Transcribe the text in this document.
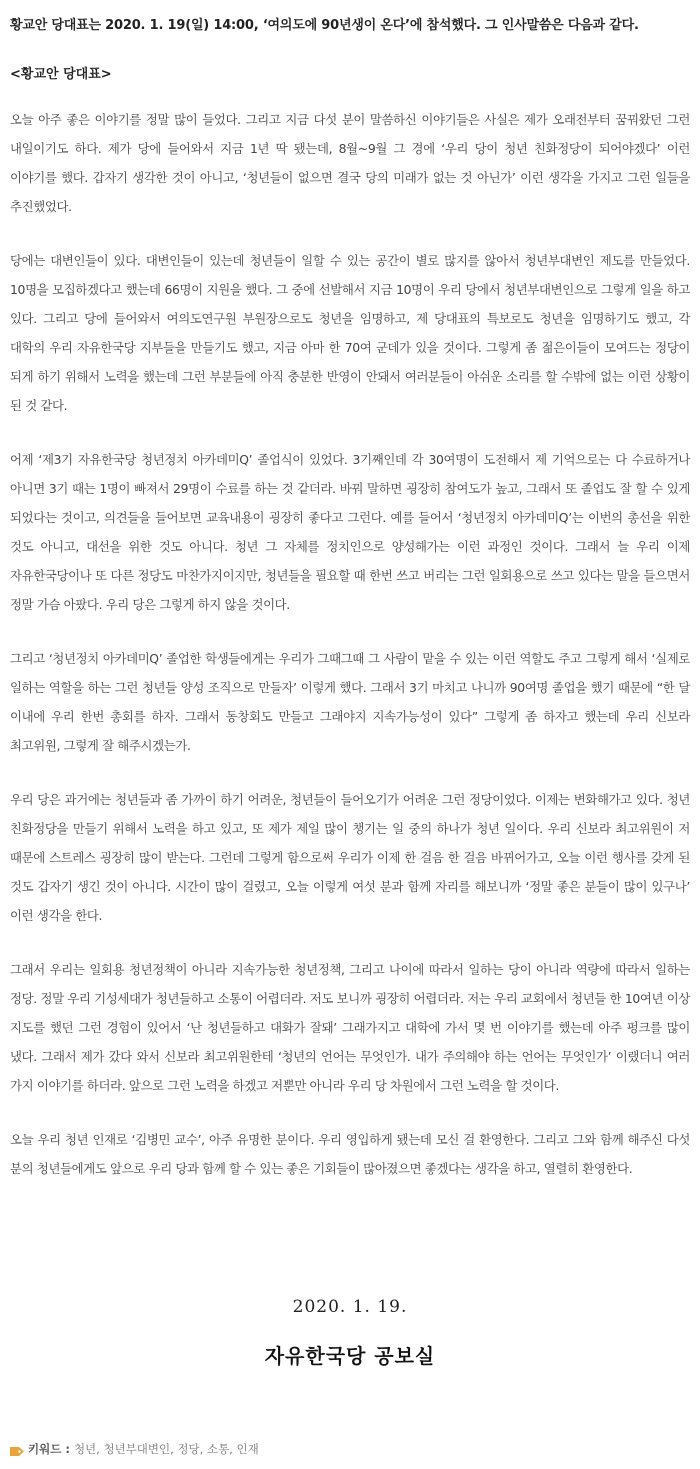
황교안 당대표는 2020. 1. 19(일) 14:00, ‘여의도에 90년생이 온다’에 참석했다. 그 인사말씀은 다음과 같다.

<황교안 당대표>

오늘 아주 좋은 이야기를 정말 많이 들었다. 그리고 지금 다섯 분이 말씀하신 이야기들은 사실은 제가 오래전부터 꿈꿔왔던 그런 내일이기도 하다. 제가 당에 들어와서 지금 1년 딱 됐는데, 8월~9월 그 경에 ‘우리 당이 청년 친화정당이 되어야겠다’ 이런 이야기를 했다. 갑자기 생각한 것이 아니고, ‘청년들이 없으면 결국 당의 미래가 없는 것 아닌가’ 이런 생각을 가지고 그런 일들을 추진했었다.

당에는 대변인들이 있다. 대변인들이 있는데 청년들이 일할 수 있는 공간이 별로 많지를 않아서 청년부대변인 제도를 만들었다. 10명을 모집하겠다고 했는데 66명이 지원을 했다. 그 중에 선발해서 지금 10명이 우리 당에서 청년부대변인으로 그렇게 일을 하고 있다. 그리고 당에 들어와서 여의도연구원 부원장으로도 청년을 임명하고, 제 당대표의 특보로도 청년을 임명하기도 했고, 각 대학의 우리 자유한국당 지부들을 만들기도 했고, 지금 아마 한 70여 군데가 있을 것이다. 그렇게 좀 젊은이들이 모여드는 정당이 되게 하기 위해서 노력을 했는데 그런 부분들에 아직 충분한 반영이 안돼서 여러분들이 아쉬운 소리를 할 수밖에 없는 이런 상황이 된 것 같다.

어제 ‘제3기 자유한국당 청년정치 아카데미Q’ 졸업식이 있었다. 3기째인데 각 30여명이 도전해서 제 기억으로는 다 수료하거나 아니면 3기 때는 1명이 빠져서 29명이 수료를 하는 것 같더라. 바꿔 말하면 굉장히 참여도가 높고, 그래서 또 졸업도 잘 할 수 있게 되었다는 것이고, 의견들을 들어보면 교육내용이 굉장히 좋다고 그런다. 예를 들어서 ‘청년정치 아카데미Q’는 이번의 총선을 위한 것도 아니고, 대선을 위한 것도 아니다. 청년 그 자체를 정치인으로 양성해가는 이런 과정인 것이다. 그래서 늘 우리 이제 자유한국당이나 또 다른 정당도 마찬가지이지만, 청년들을 필요할 때 한번 쓰고 버리는 그런 일회용으로 쓰고 있다는 말을 들으면서 정말 가슴 아팠다. 우리 당은 그렇게 하지 않을 것이다.

그리고 ‘청년정치 아카데미Q’ 졸업한 학생들에게는 우리가 그때그때 그 사람이 맡을 수 있는 이런 역할도 주고 그렇게 해서 ‘실제로 일하는 역할을 하는 그런 청년들 양성 조직으로 만들자’ 이렇게 했다. 그래서 3기 마치고 나니까 90여명 졸업을 했기 때문에 “한 달 이내에 우리 한번 총회를 하자. 그래서 동창회도 만들고 그래야지 지속가능성이 있다” 그렇게 좀 하자고 했는데 우리 신보라 최고위원, 그렇게 잘 해주시겠는가.

우리 당은 과거에는 청년들과 좀 가까이 하기 어려운, 청년들이 들어오기가 어려운 그런 정당이었다. 이제는 변화해가고 있다. 청년 친화정당을 만들기 위해서 노력을 하고 있고, 또 제가 제일 많이 챙기는 일 중의 하나가 청년 일이다. 우리 신보라 최고위원이 저 때문에 스트레스 굉장히 많이 받는다. 그런데 그렇게 함으로써 우리가 이제 한 걸음 한 걸음 바뀌어가고, 오늘 이런 행사를 갖게 된 것도 갑자기 생긴 것이 아니다. 시간이 많이 걸렸고, 오늘 이렇게 여섯 분과 함께 자리를 해보니까 ‘정말 좋은 분들이 많이 있구나’ 이런 생각을 한다.

그래서 우리는 일회용 청년정책이 아니라 지속가능한 청년정책, 그리고 나이에 따라서 일하는 당이 아니라 역량에 따라서 일하는 정당. 정말 우리 기성세대가 청년들하고 소통이 어렵더라. 저도 보니까 굉장히 어렵더라. 저는 우리 교회에서 청년들 한 10여년 이상 지도를 했던 그런 경험이 있어서 ‘난 청년들하고 대화가 잘돼’ 그래가지고 대학에 가서 몇 번 이야기를 했는데 아주 펑크를 많이 냈다. 그래서 제가 갔다 와서 신보라 최고위원한테 ‘청년의 언어는 무엇인가. 내가 주의해야 하는 언어는 무엇인가’ 이랬더니 여러 가지 이야기를 하더라. 앞으로 그런 노력을 하겠고 저뿐만 아니라 우리 당 차원에서 그런 노력을 할 것이다.

오늘 우리 청년 인재로 ‘김병민 교수’, 아주 유명한 분이다. 우리 영입하게 됐는데 모신 걸 환영한다. 그리고 그와 함께 해주신 다섯 분의 청년들에게도 앞으로 우리 당과 함께 할 수 있는 좋은 기회들이 많아졌으면 좋겠다는 생각을 하고, 열렬히 환영한다.

2020. 1. 19.
자유한국당 공보실
키워드 : 청년, 청년부대변인, 정당, 소통, 인재
